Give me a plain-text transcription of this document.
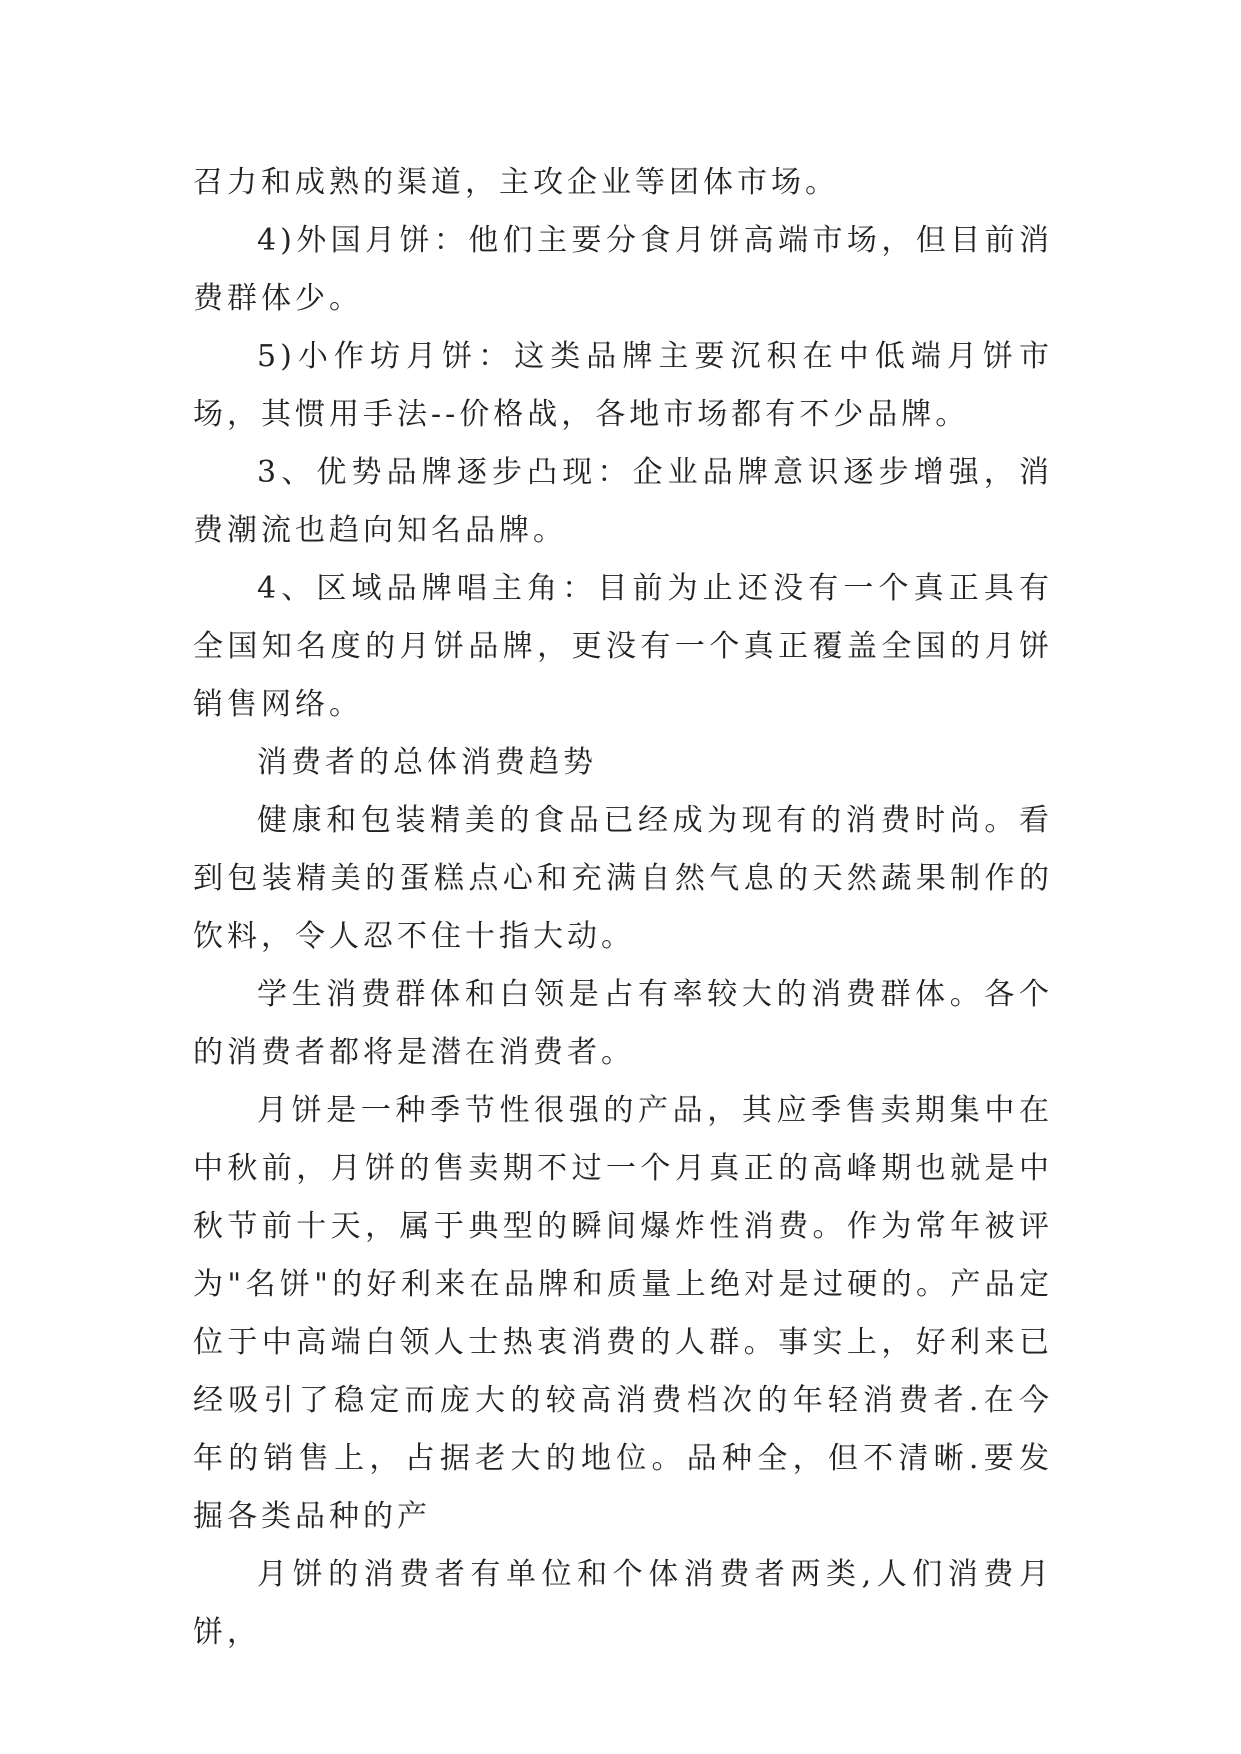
召力和成熟的渠道，主攻企业等团体市场。

4)外国月饼：他们主要分食月饼高端市场，但目前消费群体少。

5)小作坊月饼：这类品牌主要沉积在中低端月饼市场，其惯用手法--价格战，各地市场都有不少品牌。

3、优势品牌逐步凸现：企业品牌意识逐步增强，消费潮流也趋向知名品牌。

4、区域品牌唱主角：目前为止还没有一个真正具有全国知名度的月饼品牌，更没有一个真正覆盖全国的月饼销售网络。

消费者的总体消费趋势

健康和包装精美的食品已经成为现有的消费时尚。看到包装精美的蛋糕点心和充满自然气息的天然蔬果制作的饮料，令人忍不住十指大动。

学生消费群体和白领是占有率较大的消费群体。各个的消费者都将是潜在消费者。

月饼是一种季节性很强的产品，其应季售卖期集中在中秋前，月饼的售卖期不过一个月真正的高峰期也就是中秋节前十天，属于典型的瞬间爆炸性消费。作为常年被评为"名饼"的好利来在品牌和质量上绝对是过硬的。产品定位于中高端白领人士热衷消费的人群。事实上，好利来已经吸引了稳定而庞大的较高消费档次的年轻消费者.在今年的销售上，占据老大的地位。品种全，但不清晰.要发掘各类品种的产

月饼的消费者有单位和个体消费者两类,人们消费月饼，
